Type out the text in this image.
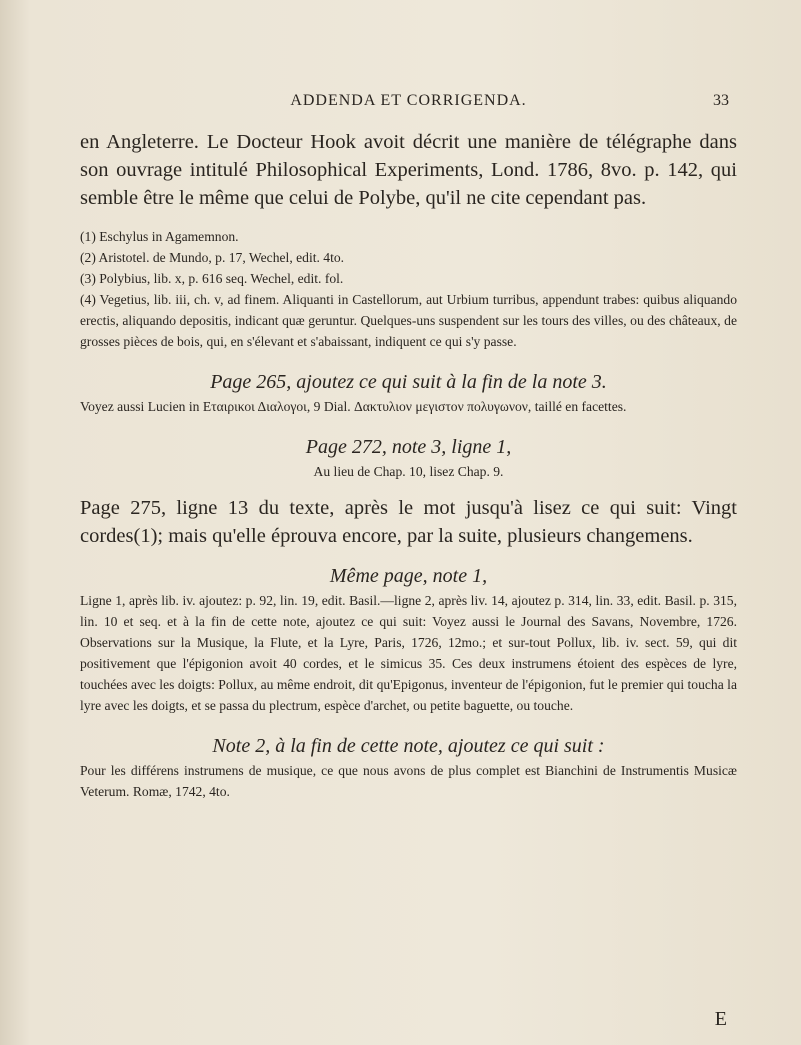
ADDENDA ET CORRIGENDA.	33

en Angleterre. Le Docteur Hook avoit décrit une manière de télégraphe dans son ouvrage intitulé Philosophical Experiments, Lond. 1786, 8vo. p. 142, qui semble être le même que celui de Polybe, qu'il ne cite cependant pas.

(1) Eschylus in Agamemnon.

(2) Aristotel. de Mundo, p. 17, Wechel, edit. 4to.

(3) Polybius, lib. x, p. 616 seq. Wechel, edit. fol.

(4) Vegetius, lib. iii, ch. v, ad finem. Aliquanti in Castellorum, aut Urbium turribus, appendunt trabes: quibus aliquando erectis, aliquando depositis, indicant quæ geruntur. Quelques-uns suspendent sur les tours des villes, ou des châteaux, de grosses pièces de bois, qui, en s'élevant et s'abaissant, indiquent ce qui s'y passe.

Page 265, ajoutez ce qui suit à la fin de la note 3.

Voyez aussi Lucien in Εταιρικοι Διαλογοι, 9 Dial. Δακτυλιον μεγιστον πολυγωνον, taillé en facettes.

Page 272, note 3, ligne 1,

Au lieu de Chap. 10, lisez Chap. 9.

Page 275, ligne 13 du texte, après le mot jusqu'à lisez ce qui suit: Vingt cordes(1); mais qu'elle éprouva encore, par la suite, plusieurs changemens.

Même page, note 1,

Ligne 1, après lib. iv. ajoutez: p. 92, lin. 19, edit. Basil.—ligne 2, après liv. 14, ajoutez p. 314, lin. 33, edit. Basil. p. 315, lin. 10 et seq. et à la fin de cette note, ajoutez ce qui suit: Voyez aussi le Journal des Savans, Novembre, 1726. Observations sur la Musique, la Flute, et la Lyre, Paris, 1726, 12mo.; et sur-tout Pollux, lib. iv. sect. 59, qui dit positivement que l'épigonion avoit 40 cordes, et le simicus 35. Ces deux instrumens étoient des espèces de lyre, touchées avec les doigts: Pollux, au même endroit, dit qu'Epigonus, inventeur de l'épigonion, fut le premier qui toucha la lyre avec les doigts, et se passa du plectrum, espèce d'archet, ou petite baguette, ou touche.

Note 2, à la fin de cette note, ajoutez ce qui suit :

Pour les différens instrumens de musique, ce que nous avons de plus complet est Bianchini de Instrumentis Musicæ Veterum. Romæ, 1742, 4to.

E
